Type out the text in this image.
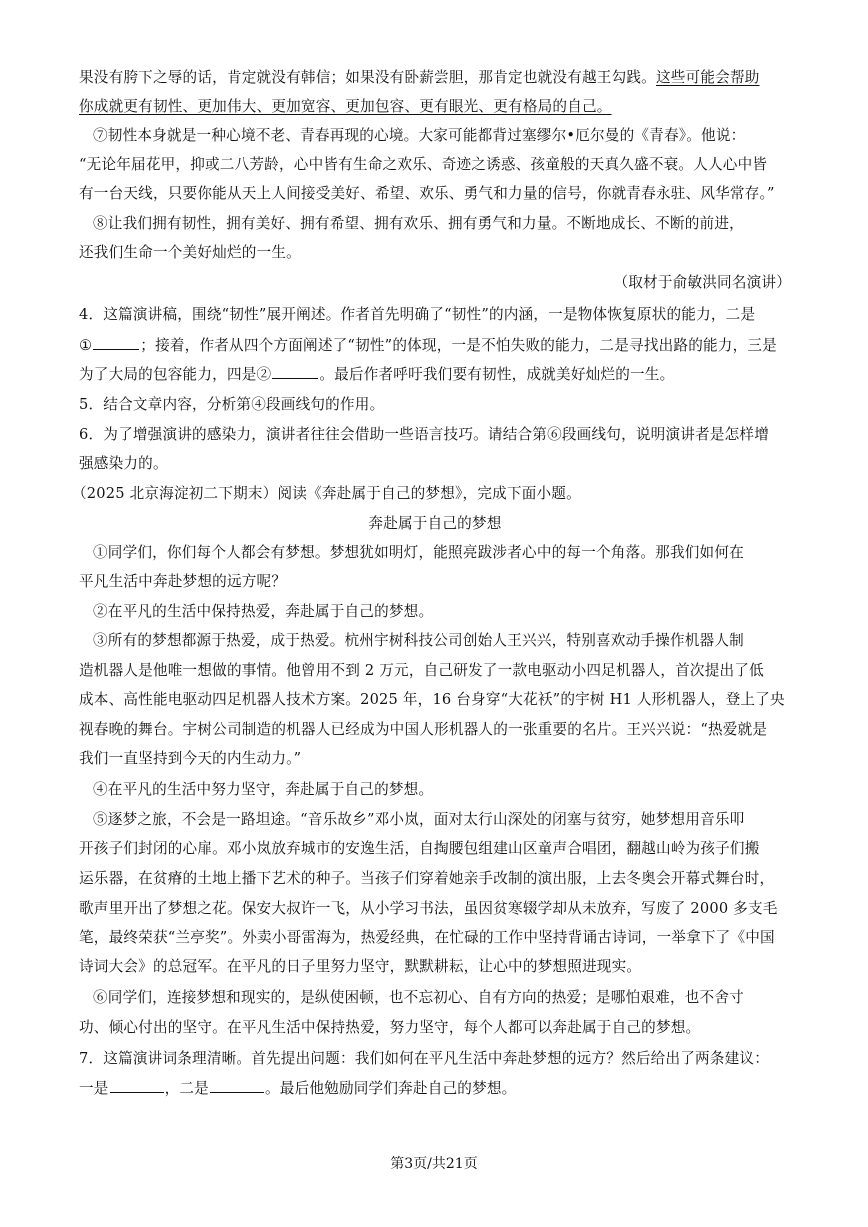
果没有胯下之辱的话，肯定就没有韩信；如果没有卧薪尝胆，那肯定也就没有越王勾践。这些可能会帮助
你成就更有韧性、更加伟大、更加宽容、更加包容、更有眼光、更有格局的自己。
⑦韧性本身就是一种心境不老、青春再现的心境。大家可能都背过塞缪尔•厄尔曼的《青春》。他说：
“无论年届花甲，抑或二八芳龄，心中皆有生命之欢乐、奇迹之诱惑、孩童般的天真久盛不衰。人人心中皆
有一台天线，只要你能从天上人间接受美好、希望、欢乐、勇气和力量的信号，你就青春永驻、风华常存。”
⑧让我们拥有韧性，拥有美好、拥有希望、拥有欢乐、拥有勇气和力量。不断地成长、不断的前进，
还我们生命一个美好灿烂的一生。
（取材于俞敏洪同名演讲）
4．这篇演讲稿，围绕“韧性”展开阐述。作者首先明确了“韧性”的内涵，一是物体恢复原状的能力，二是
①	；接着，作者从四个方面阐述了“韧性”的体现，一是不怕失败的能力，二是寻找出路的能力，三是
为了大局的包容能力，四是②	。最后作者呼吁我们要有韧性，成就美好灿烂的一生。
5．结合文章内容，分析第④段画线句的作用。
6．为了增强演讲的感染力，演讲者往往会借助一些语言技巧。请结合第⑥段画线句，说明演讲者是怎样增
强感染力的。
（2025 北京海淀初二下期末）阅读《奔赴属于自己的梦想》，完成下面小题。
奔赴属于自己的梦想
①同学们，你们每个人都会有梦想。梦想犹如明灯，能照亮跋涉者心中的每一个角落。那我们如何在
平凡生活中奔赴梦想的远方呢？
②在平凡的生活中保持热爱，奔赴属于自己的梦想。
③所有的梦想都源于热爱，成于热爱。杭州宇树科技公司创始人王兴兴，特别喜欢动手操作机器人制
造机器人是他唯一想做的事情。他曾用不到 2 万元，自己研发了一款电驱动小四足机器人，首次提出了低
成本、高性能电驱动四足机器人技术方案。2025 年，16 台身穿“大花袄”的宇树 H1 人形机器人，登上了央
视春晚的舞台。宇树公司制造的机器人已经成为中国人形机器人的一张重要的名片。王兴兴说：“热爱就是
我们一直坚持到今天的内生动力。”
④在平凡的生活中努力坚守，奔赴属于自己的梦想。
⑤逐梦之旅，不会是一路坦途。“音乐故乡”邓小岚，面对太行山深处的闭塞与贫穷，她梦想用音乐叩
开孩子们封闭的心扉。邓小岚放弃城市的安逸生活，自掏腰包组建山区童声合唱团，翻越山岭为孩子们搬
运乐器，在贫瘠的土地上播下艺术的种子。当孩子们穿着她亲手改制的演出服，上去冬奥会开幕式舞台时，
歌声里开出了梦想之花。保安大叔许一飞，从小学习书法，虽因贫寒辍学却从未放弃，写废了 2000 多支毛
笔，最终荣获“兰亭奖”。外卖小哥雷海为，热爱经典，在忙碌的工作中坚持背诵古诗词，一举拿下了《中国
诗词大会》的总冠军。在平凡的日子里努力坚守，默默耕耘，让心中的梦想照进现实。
⑥同学们，连接梦想和现实的，是纵使困顿，也不忘初心、自有方向的热爱；是哪怕艰难，也不舍寸
功、倾心付出的坚守。在平凡生活中保持热爱，努力坚守，每个人都可以奔赴属于自己的梦想。
7．这篇演讲词条理清晰。首先提出问题：我们如何在平凡生活中奔赴梦想的远方？然后给出了两条建议：
一是	，二是	。最后他勉励同学们奔赴自己的梦想。
第3页/共21页
